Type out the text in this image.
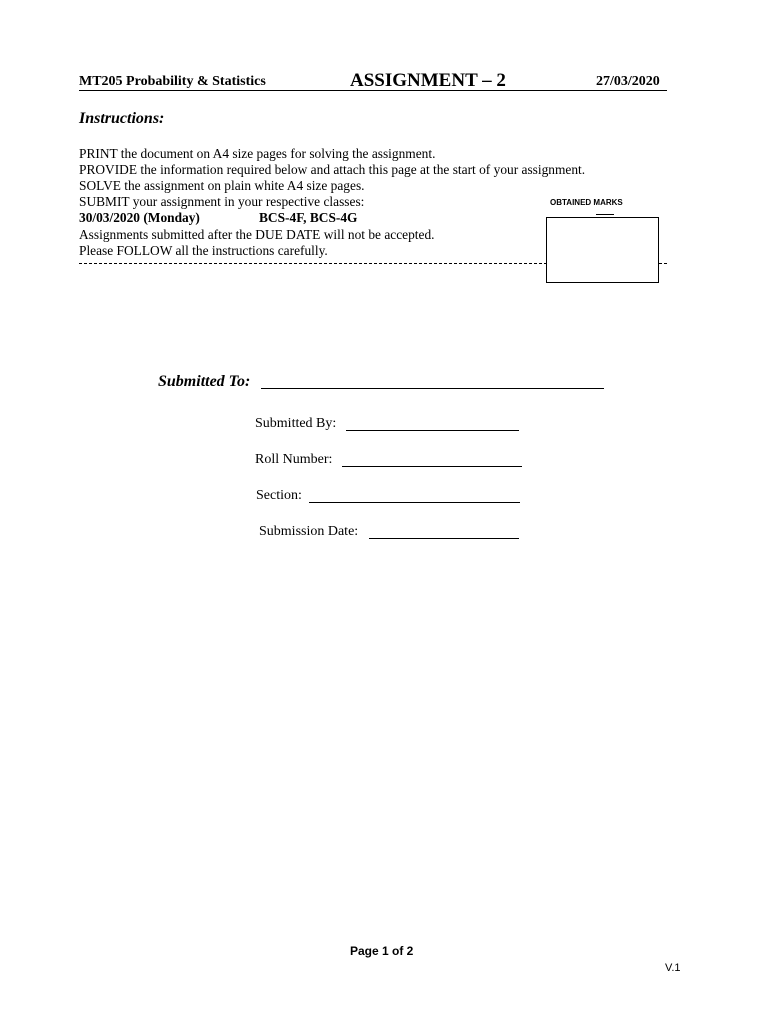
MT205 Probability & Statistics	ASSIGNMENT – 2	27/03/2020
Instructions:
PRINT the document on A4 size pages for solving the assignment.
PROVIDE the information required below and attach this page at the start of your assignment.
SOLVE the assignment on plain white A4 size pages.
SUBMIT your assignment in your respective classes:
30/03/2020 (Monday)	BCS-4F, BCS-4G
Assignments submitted after the DUE DATE will not be accepted.
Please FOLLOW all the instructions carefully.
OBTAINED MARKS
Submitted To:
Submitted By:
Roll Number:
Section:
Submission Date:
Page 1 of 2
V.1
